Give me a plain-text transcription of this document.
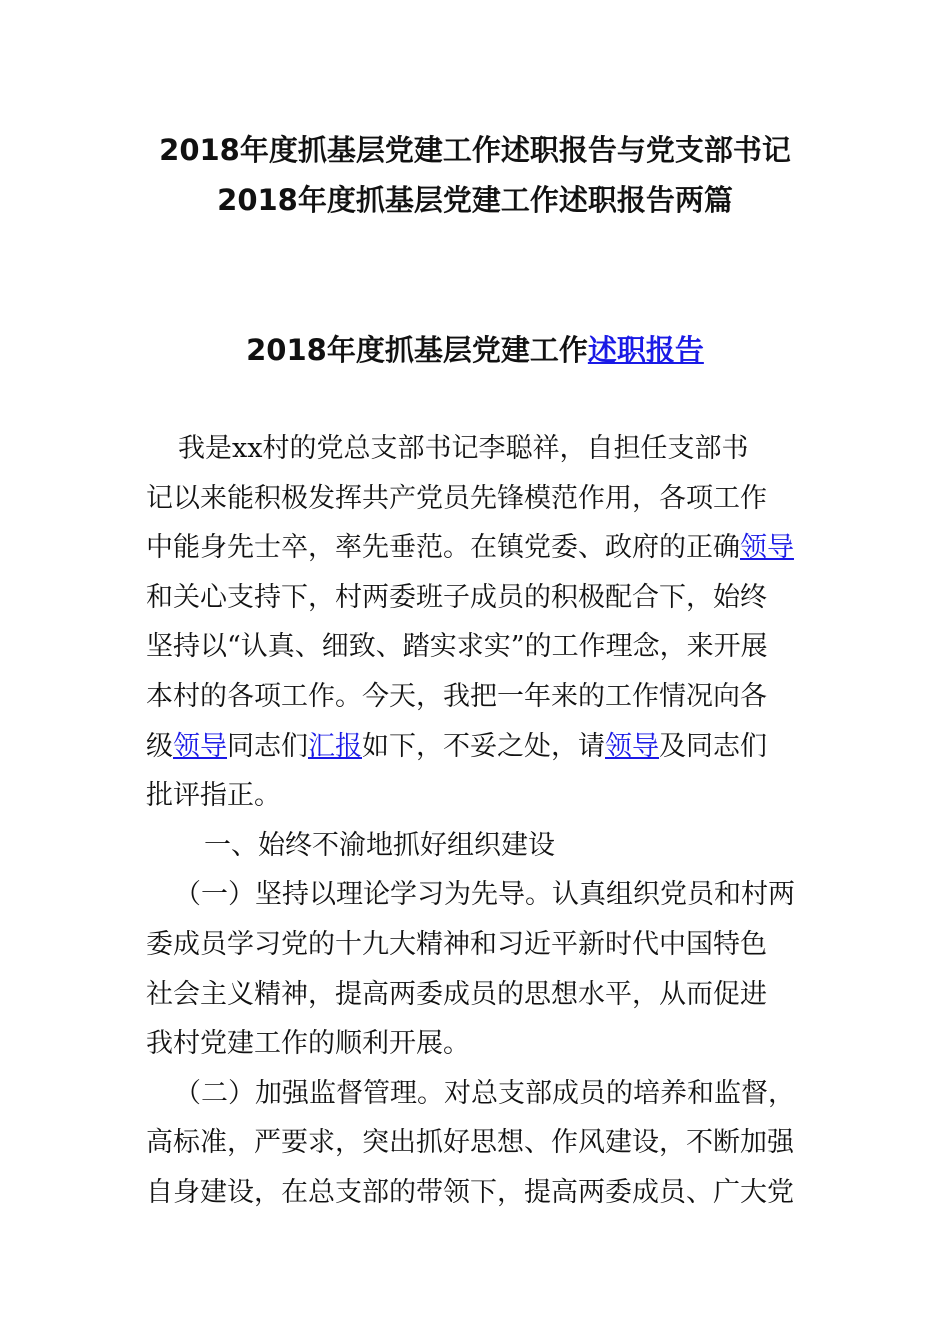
2018年度抓基层党建工作述职报告与党支部书记
2018年度抓基层党建工作述职报告两篇
2018年度抓基层党建工作述职报告
我是xx村的党总支部书记李聪祥，自担任支部书
记以来能积极发挥共产党员先锋模范作用，各项工作
中能身先士卒，率先垂范。在镇党委、政府的正确领导
和关心支持下，村两委班子成员的积极配合下，始终
坚持以“认真、细致、踏实求实”的工作理念，来开展
本村的各项工作。今天，我把一年来的工作情况向各
级领导同志们汇报如下，不妥之处，请领导及同志们
批评指正。
一、始终不渝地抓好组织建设
（一）坚持以理论学习为先导。认真组织党员和村两
委成员学习党的十九大精神和习近平新时代中国特色
社会主义精神，提高两委成员的思想水平，从而促进
我村党建工作的顺利开展。
（二）加强监督管理。对总支部成员的培养和监督，
高标准，严要求，突出抓好思想、作风建设，不断加强
自身建设，在总支部的带领下，提高两委成员、广大党
